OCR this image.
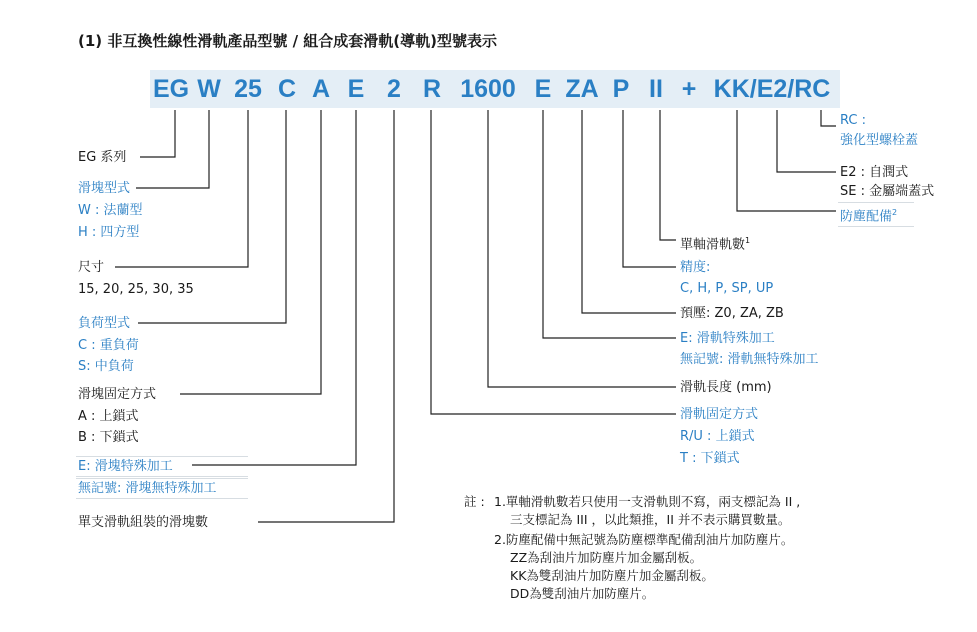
(1) 非互換性線性滑軌產品型號 / 組合成套滑軌(導軌)型號表示
EG W 25 C A E 2 R 1600 E ZA P II + KK/E2/RC
EG 系列
滑塊型式
W : 法蘭型
H : 四方型
尺寸
15, 20, 25, 30, 35
負荷型式
C : 重負荷
S: 中負荷
滑塊固定方式
A : 上鎖式
B : 下鎖式
E: 滑塊特殊加工
無記號: 滑塊無特殊加工
單支滑軌組裝的滑塊數
RC :
強化型螺栓蓋
E2 : 自潤式
SE : 金屬端蓋式
防塵配備$^2$
單軸滑軌數$^1$
精度:
C, H, P, SP, UP
預壓: Z0, ZA, ZB
E: 滑軌特殊加工
無記號: 滑軌無特殊加工
滑軌長度 (mm)
滑軌固定方式
R/U : 上鎖式
T : 下鎖式
註 : 1.單軸滑軌數若只使用一支滑軌則不寫，兩支標記為 II ,
三支標記為 III ，以此類推，II 并不表示購買數量。
2.防塵配備中無記號為防塵標準配備刮油片加防塵片。
ZZ為刮油片加防塵片加金屬刮板。
KK為雙刮油片加防塵片加金屬刮板。
DD為雙刮油片加防塵片。
